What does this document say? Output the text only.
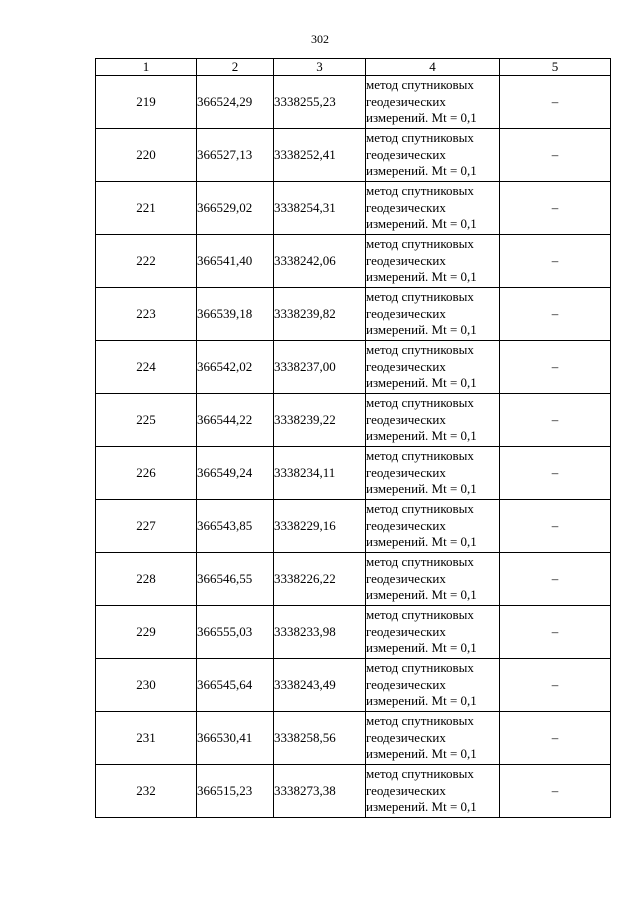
302
1	2	3	4	5
219	366524,29	3338255,23	метод спутниковых
геодезических
измерений. Mt = 0,1	–
220	366527,13	3338252,41	метод спутниковых
геодезических
измерений. Mt = 0,1	–
221	366529,02	3338254,31	метод спутниковых
геодезических
измерений. Mt = 0,1	–
222	366541,40	3338242,06	метод спутниковых
геодезических
измерений. Mt = 0,1	–
223	366539,18	3338239,82	метод спутниковых
геодезических
измерений. Mt = 0,1	–
224	366542,02	3338237,00	метод спутниковых
геодезических
измерений. Mt = 0,1	–
225	366544,22	3338239,22	метод спутниковых
геодезических
измерений. Mt = 0,1	–
226	366549,24	3338234,11	метод спутниковых
геодезических
измерений. Mt = 0,1	–
227	366543,85	3338229,16	метод спутниковых
геодезических
измерений. Mt = 0,1	–
228	366546,55	3338226,22	метод спутниковых
геодезических
измерений. Mt = 0,1	–
229	366555,03	3338233,98	метод спутниковых
геодезических
измерений. Mt = 0,1	–
230	366545,64	3338243,49	метод спутниковых
геодезических
измерений. Mt = 0,1	–
231	366530,41	3338258,56	метод спутниковых
геодезических
измерений. Mt = 0,1	–
232	366515,23	3338273,38	метод спутниковых
геодезических
измерений. Mt = 0,1	–
